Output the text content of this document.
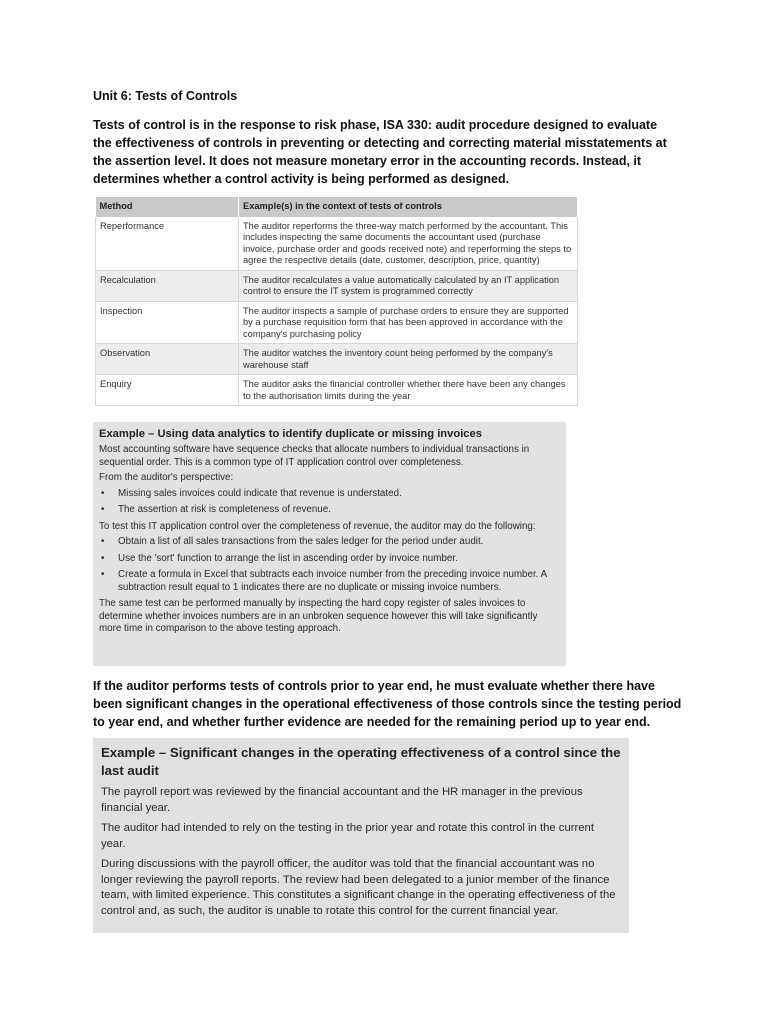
Unit 6: Tests of Controls

Tests of control is in the response to risk phase, ISA 330: audit procedure designed to evaluate the effectiveness of controls in preventing or detecting and correcting material misstatements at the assertion level. It does not measure monetary error in the accounting records. Instead, it determines whether a control activity is being performed as designed.

Method	Example(s) in the context of tests of controls
Reperformance	The auditor reperforms the three-way match performed by the accountant. This includes inspecting the same documents the accountant used (purchase invoice, purchase order and goods received note) and reperforming the steps to agree the respective details (date, customer, description, price, quantity)
Recalculation	The auditor recalculates a value automatically calculated by an IT application control to ensure the IT system is programmed correctly
Inspection	The auditor inspects a sample of purchase orders to ensure they are supported by a purchase requisition form that has been approved in accordance with the company's purchasing policy
Observation	The auditor watches the inventory count being performed by the company's warehouse staff
Enquiry	The auditor asks the financial controller whether there have been any changes to the authorisation limits during the year
Example – Using data analytics to identify duplicate or missing invoices

Most accounting software have sequence checks that allocate numbers to individual transactions in sequential order. This is a common type of IT application control over completeness.

From the auditor's perspective:

• Missing sales invoices could indicate that revenue is understated.
• The assertion at risk is completeness of revenue.

To test this IT application control over the completeness of revenue, the auditor may do the following:

• Obtain a list of all sales transactions from the sales ledger for the period under audit.
• Use the 'sort' function to arrange the list in ascending order by invoice number.
• Create a formula in Excel that subtracts each invoice number from the preceding invoice number. A subtraction result equal to 1 indicates there are no duplicate or missing invoice numbers.

The same test can be performed manually by inspecting the hard copy register of sales invoices to determine whether invoices numbers are in an unbroken sequence however this will take significantly more time in comparison to the above testing approach.

If the auditor performs tests of controls prior to year end, he must evaluate whether there have been significant changes in the operational effectiveness of those controls since the testing period to year end, and whether further evidence are needed for the remaining period up to year end.

Example – Significant changes in the operating effectiveness of a control since the last audit

The payroll report was reviewed by the financial accountant and the HR manager in the previous financial year.

The auditor had intended to rely on the testing in the prior year and rotate this control in the current year.

During discussions with the payroll officer, the auditor was told that the financial accountant was no longer reviewing the payroll reports. The review had been delegated to a junior member of the finance team, with limited experience. This constitutes a significant change in the operating effectiveness of the control and, as such, the auditor is unable to rotate this control for the current financial year.
